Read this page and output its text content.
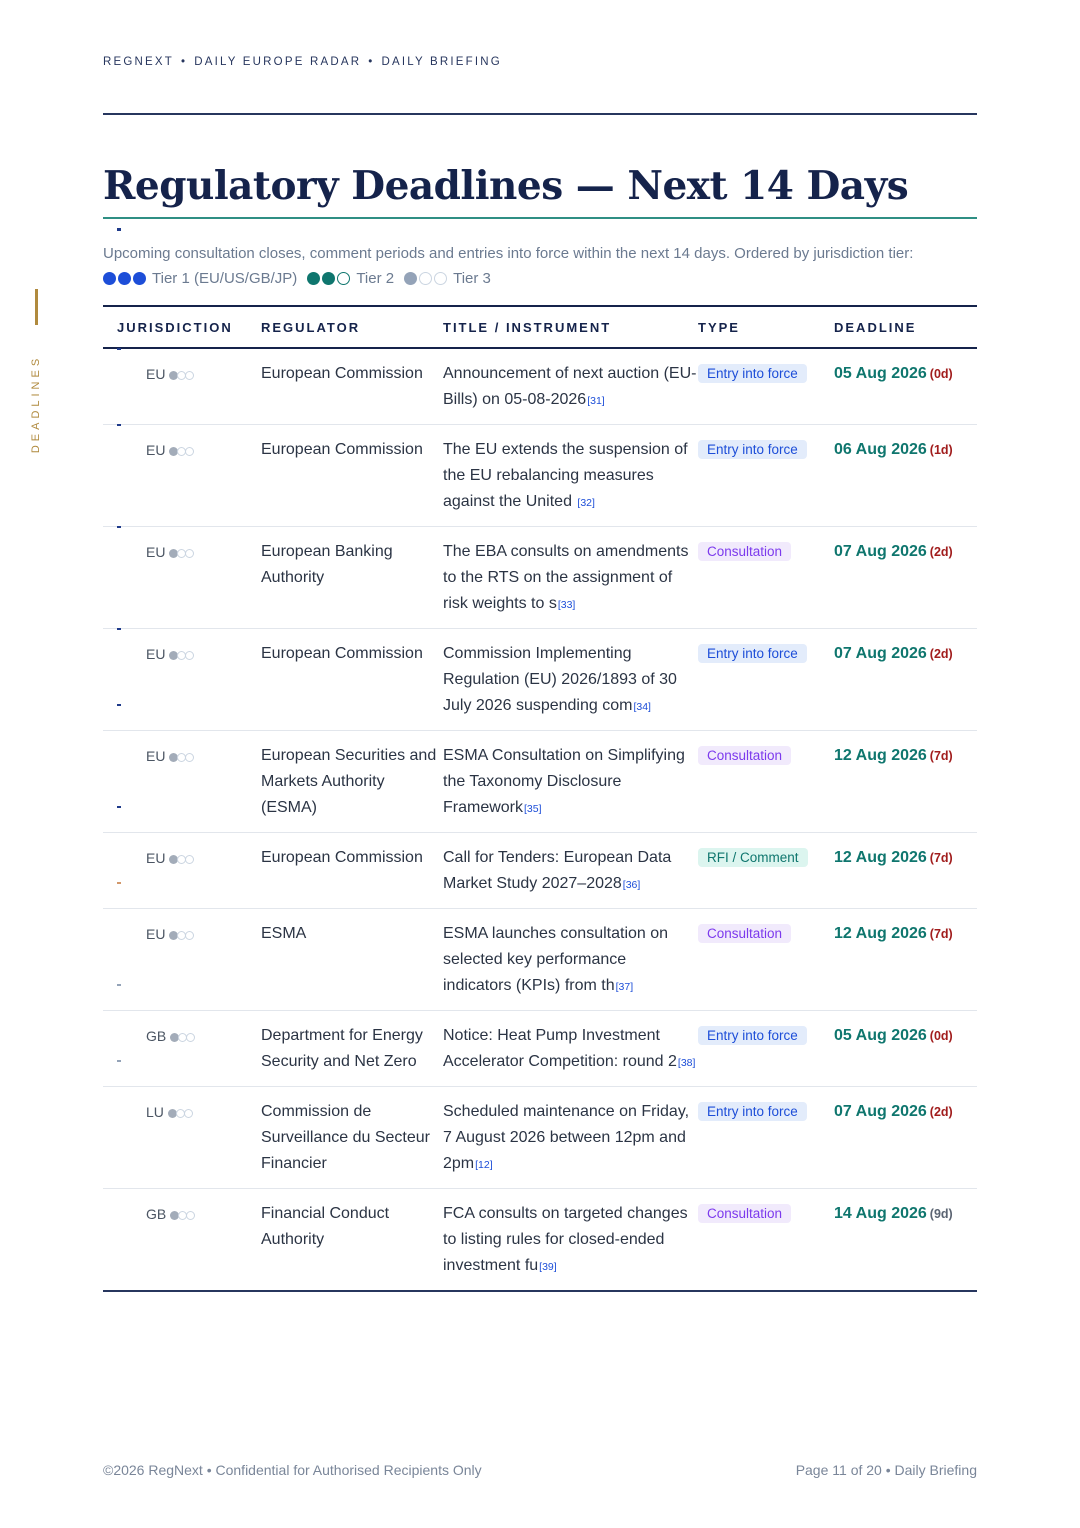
DEADLINES
REGNEXT • DAILY EUROPE RADAR • DAILY BRIEFING
Regulatory Deadlines — Next 14 Days
Upcoming consultation closes, comment periods and entries into force within the next 14 days. Ordered by jurisdiction tier:
Tier 1 (EU/US/GB/JP)	Tier 2	Tier 3
JURISDICTION	REGULATOR	TITLE / INSTRUMENT	TYPE	DEADLINE

EU	European Commission	Announcement of next auction (EU-Bills) on 05-08-2026[31]	Entry into force	05 Aug 2026 (0d)

EU	European Commission	The EU extends the suspension of the EU rebalancing measures against the United [32]	Entry into force	06 Aug 2026 (1d)

EU	European Banking Authority	The EBA consults on amendments to the RTS on the assignment of risk weights to s[33]	Consultation	07 Aug 2026 (2d)

EU	European Commission	Commission Implementing Regulation (EU) 2026/1893 of 30 July 2026 suspending com[34]	Entry into force	07 Aug 2026 (2d)

EU	European Securities and Markets Authority (ESMA)	ESMA Consultation on Simplifying the Taxonomy Disclosure Framework[35]	Consultation	12 Aug 2026 (7d)

EU	European Commission	Call for Tenders: European Data Market Study 2027–2028[36]	RFI / Comment	12 Aug 2026 (7d)

EU	ESMA	ESMA launches consultation on selected key performance indicators (KPIs) from th[37]	Consultation	12 Aug 2026 (7d)

GB	Department for Energy Security and Net Zero	Notice: Heat Pump Investment Accelerator Competition: round 2[38]	Entry into force	05 Aug 2026 (0d)
LU	Commission de Surveillance du Secteur Financier	Scheduled maintenance on Friday, 7 August 2026 between 12pm and 2pm[12]	Entry into force	07 Aug 2026 (2d)
GB	Financial Conduct Authority	FCA consults on targeted changes to listing rules for closed-ended investment fu[39]	Consultation	14 Aug 2026 (9d)
©2026 RegNext • Confidential for Authorised Recipients Only	Page 11 of 20 • Daily Briefing
